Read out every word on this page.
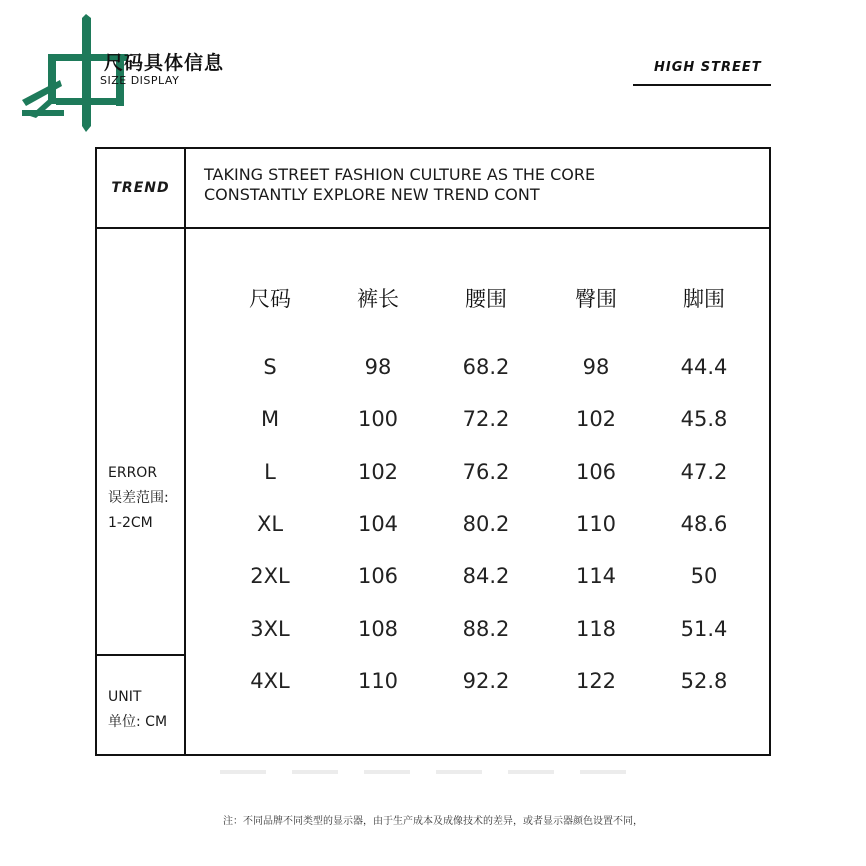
尺码具体信息
SIZE DISPLAY
HIGH STREET
TREND
TAKING STREET FASHION CULTURE AS THE CORE
CONSTANTLY EXPLORE NEW TREND CONT
ERROR
误差范围:
1-2CM
UNIT
单位: CM
尺码	裤长	腰围	臀围	脚围
S	98	68.2	98	44.4
M	100	72.2	102	45.8
L	102	76.2	106	47.2
XL	104	80.2	110	48.6
2XL	106	84.2	114	50
3XL	108	88.2	118	51.4
4XL	110	92.2	122	52.8
注：不同品牌不同类型的显示器，由于生产成本及成像技术的差异，或者显示器颜色设置不同，
